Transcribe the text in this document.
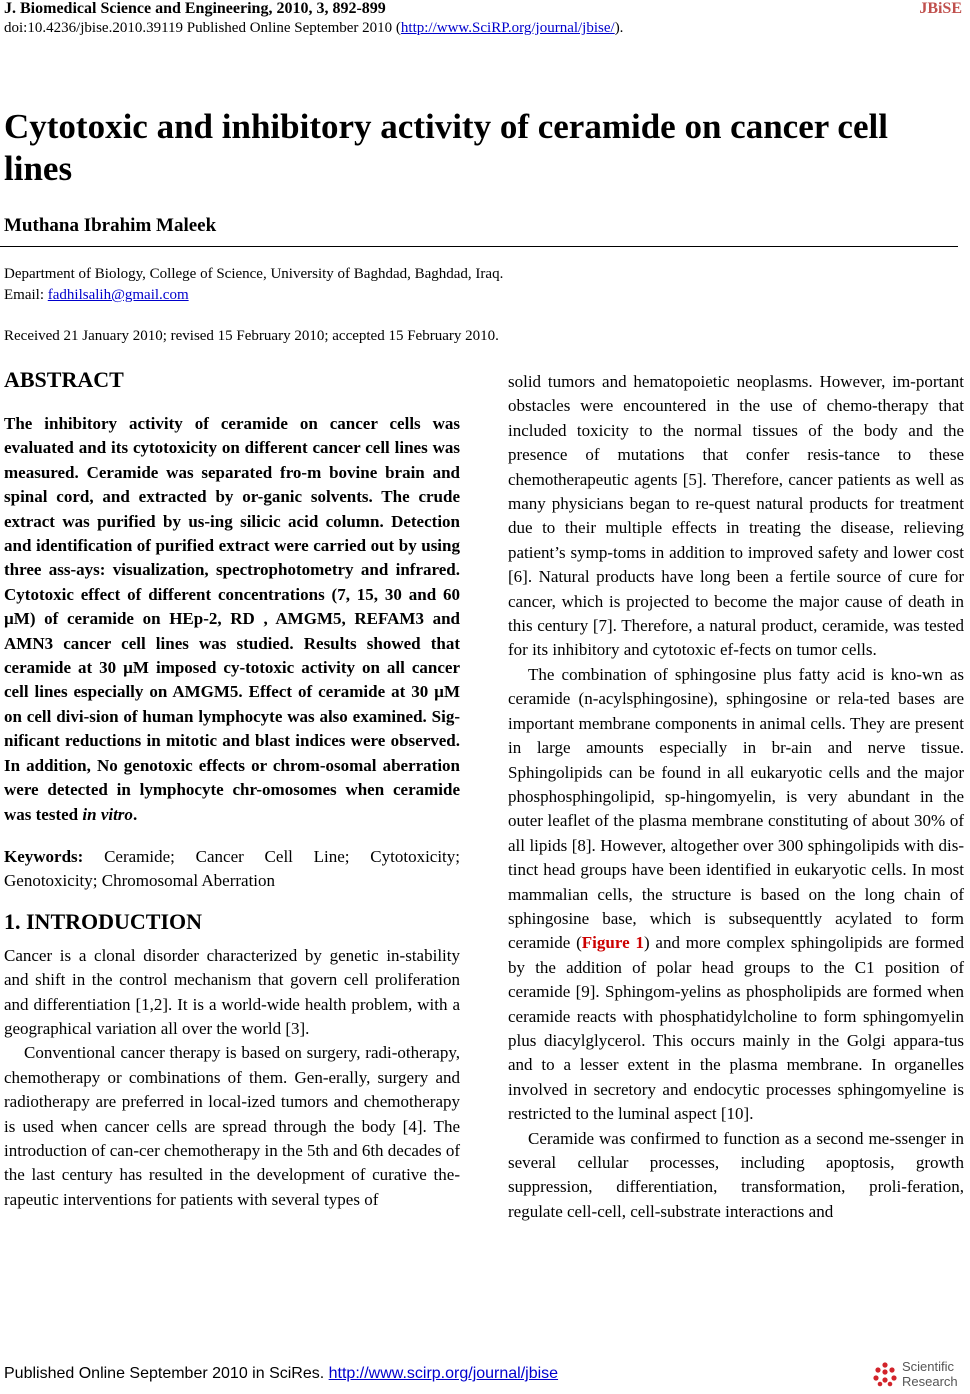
J. Biomedical Science and Engineering, 2010, 3, 892-899	JBiSE
doi:10.4236/jbise.2010.39119 Published Online September 2010 (http://www.SciRP.org/journal/jbise/).
Cytotoxic and inhibitory activity of ceramide on cancer cell lines
Muthana Ibrahim Maleek
Department of Biology, College of Science, University of Baghdad, Baghdad, Iraq.
Email: fadhilsalih@gmail.com
Received 21 January 2010; revised 15 February 2010; accepted 15 February 2010.
ABSTRACT

The inhibitory activity of ceramide on cancer cells was evaluated and its cytotoxicity on different cancer cell lines was measured. Ceramide was separated fro-m bovine brain and spinal cord, and extracted by or-ganic solvents. The crude extract was purified by us-ing silicic acid column. Detection and identification of purified extract were carried out by using three ass-ays: visualization, spectrophotometry and infrared. Cytotoxic effect of different concentrations (7, 15, 30 and 60 µM) of ceramide on HEp-2, RD , AMGM5, REFAM3 and AMN3 cancer cell lines was studied. Results showed that ceramide at 30 µM imposed cy-totoxic activity on all cancer cell lines especially on AMGM5. Effect of ceramide at 30 µM on cell divi-sion of human lymphocyte was also examined. Sig-nificant reductions in mitotic and blast indices were observed. In addition, No genotoxic effects or chrom-osomal aberration were detected in lymphocyte chr-omosomes when ceramide was tested in vitro.

Keywords: Ceramide; Cancer Cell Line; Cytotoxicity; Genotoxicity; Chromosomal Aberration

1. INTRODUCTION

Cancer is a clonal disorder characterized by genetic in-stability and shift in the control mechanism that govern cell proliferation and differentiation [1,2]. It is a world-wide health problem, with a geographical variation all over the world [3].

Conventional cancer therapy is based on surgery, radi-otherapy, chemotherapy or combinations of them. Gen-erally, surgery and radiotherapy are preferred in local-ized tumors and chemotherapy is used when cancer cells are spread through the body [4]. The introduction of can-cer chemotherapy in the 5th and 6th decades of the last century has resulted in the development of curative the-rapeutic interventions for patients with several types of

solid tumors and hematopoietic neoplasms. However, im-portant obstacles were encountered in the use of chemo-therapy that included toxicity to the normal tissues of the body and the presence of mutations that confer resis-tance to these chemotherapeutic agents [5]. Therefore, cancer patients as well as many physicians began to re-quest natural products for treatment due to their multiple effects in treating the disease, relieving patient’s symp-toms in addition to improved safety and lower cost [6]. Natural products have long been a fertile source of cure for cancer, which is projected to become the major cause of death in this century [7]. Therefore, a natural product, ceramide, was tested for its inhibitory and cytotoxic ef-fects on tumor cells.

The combination of sphingosine plus fatty acid is kno-wn as ceramide (n-acylsphingosine), sphingosine or rela-ted bases are important membrane components in animal cells. They are present in large amounts especially in br-ain and nerve tissue. Sphingolipids can be found in all eukaryotic cells and the major phosphosphingolipid, sp-hingomyelin, is very abundant in the outer leaflet of the plasma membrane constituting of about 30% of all lipids [8]. However, altogether over 300 sphingolipids with dis-tinct head groups have been identified in eukaryotic cells. In most mammalian cells, the structure is based on the long chain of sphingosine base, which is subsequenttly acylated to form ceramide (Figure 1) and more complex sphingolipids are formed by the addition of polar head groups to the C1 position of ceramide [9]. Sphingom-yelins as phospholipids are formed when ceramide reacts with phosphatidylcholine to form sphingomyelin plus diacylglycerol. This occurs mainly in the Golgi appara-tus and to a lesser extent in the plasma membrane. In organelles involved in secretory and endocytic processes sphingomyeline is restricted to the luminal aspect [10].

Ceramide was confirmed to function as a second me-ssenger in several cellular processes, including apoptosis, growth suppression, differentiation, transformation, proli-feration, regulate cell-cell, cell-substrate interactions and

Published Online September 2010 in SciRes. http://www.scirp.org/journal/jbise	Scientific
Research
